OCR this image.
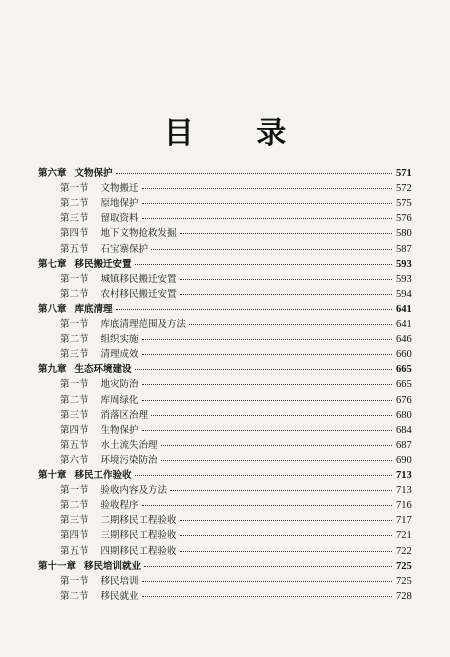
目 录
第六章 文物保护	571
第一节 文物搬迁	572
第二节 原地保护	575
第三节 留取资料	576
第四节 地下文物抢救发掘	580
第五节 石宝寨保护	587
第七章 移民搬迁安置	593
第一节 城镇移民搬迁安置	593
第二节 农村移民搬迁安置	594
第八章 库底清理	641
第一节 库底清理范围及方法	641
第二节 组织实施	646
第三节 清理成效	660
第九章 生态环境建设	665
第一节 地灾防治	665
第二节 库周绿化	676
第三节 消落区治理	680
第四节 生物保护	684
第五节 水土流失治理	687
第六节 环境污染防治	690
第十章 移民工作验收	713
第一节 验收内容及方法	713
第二节 验收程序	716
第三节 二期移民工程验收	717
第四节 三期移民工程验收	721
第五节 四期移民工程验收	722
第十一章 移民培训就业	725
第一节 移民培训	725
第二节 移民就业	728
